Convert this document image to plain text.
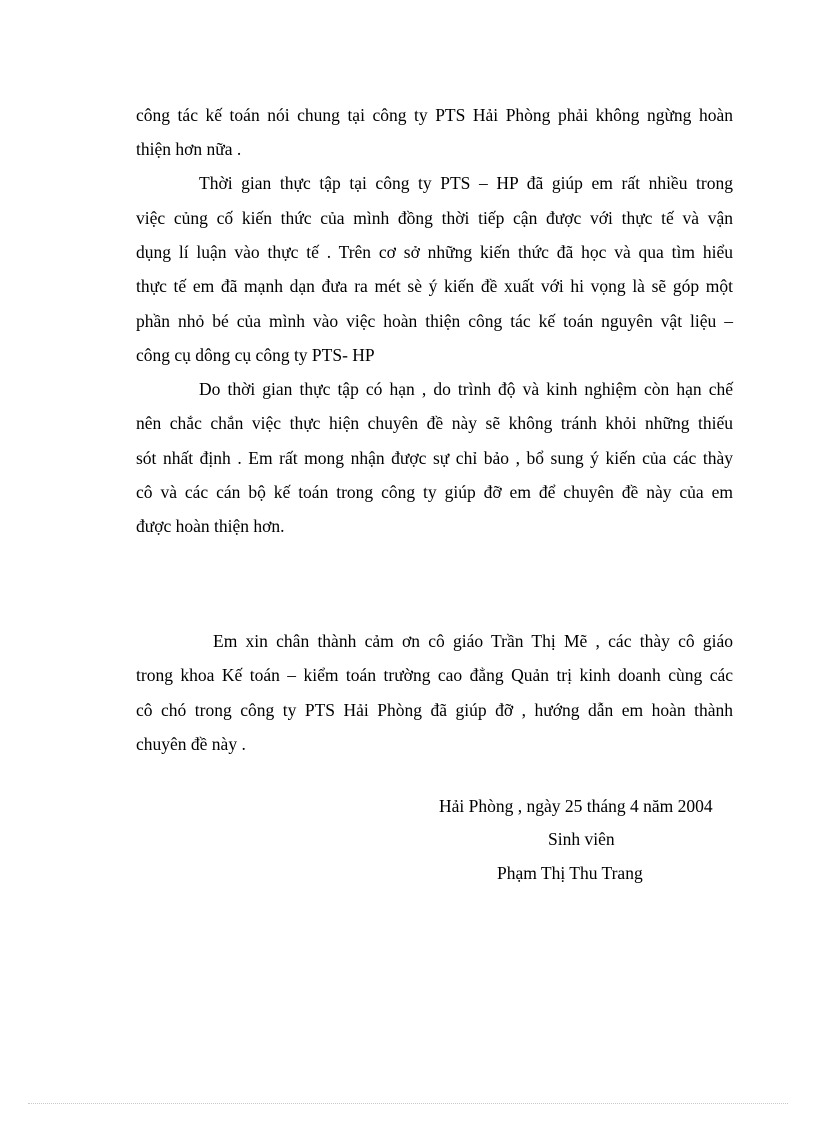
công tác kế toán nói chung tại công ty PTS Hải Phòng phải không ngừng hoàn
thiện hơn nữa .
Thời gian thực tập tại công ty PTS – HP đã giúp em rất nhiều trong
việc củng cố kiến thức của mình đồng thời tiếp cận được với thực tế và vận
dụng lí luận vào thực tế . Trên cơ sở những kiến thức đã học và qua tìm hiểu
thực tế em đã mạnh dạn đưa ra mét sè ý kiến đề xuất với hi vọng là sẽ góp một
phần nhỏ bé của mình vào việc hoàn thiện công tác kế toán nguyên vật liệu –
công cụ dông cụ công ty PTS- HP
Do thời gian thực tập có hạn , do trình độ và kinh nghiệm còn hạn chế
nên chắc chắn việc thực hiện chuyên đề này sẽ không tránh khỏi những thiếu
sót nhất định . Em rất mong nhận được sự chỉ bảo , bổ sung ý kiến của các thày
cô và các cán bộ kế toán trong công ty giúp đỡ em để chuyên đề này của em
được hoàn thiện hơn.
Em xin chân thành cảm ơn cô giáo Trần Thị Mẽ , các thày cô giáo
trong khoa Kế toán – kiểm toán trường cao đẳng Quản trị kinh doanh cùng các
cô chó trong công ty PTS Hải Phòng đã giúp đỡ , hướng dẫn em hoàn thành
chuyên đề này .
Hải Phòng , ngày 25 tháng 4 năm 2004
Sinh viên
Phạm Thị Thu Trang
